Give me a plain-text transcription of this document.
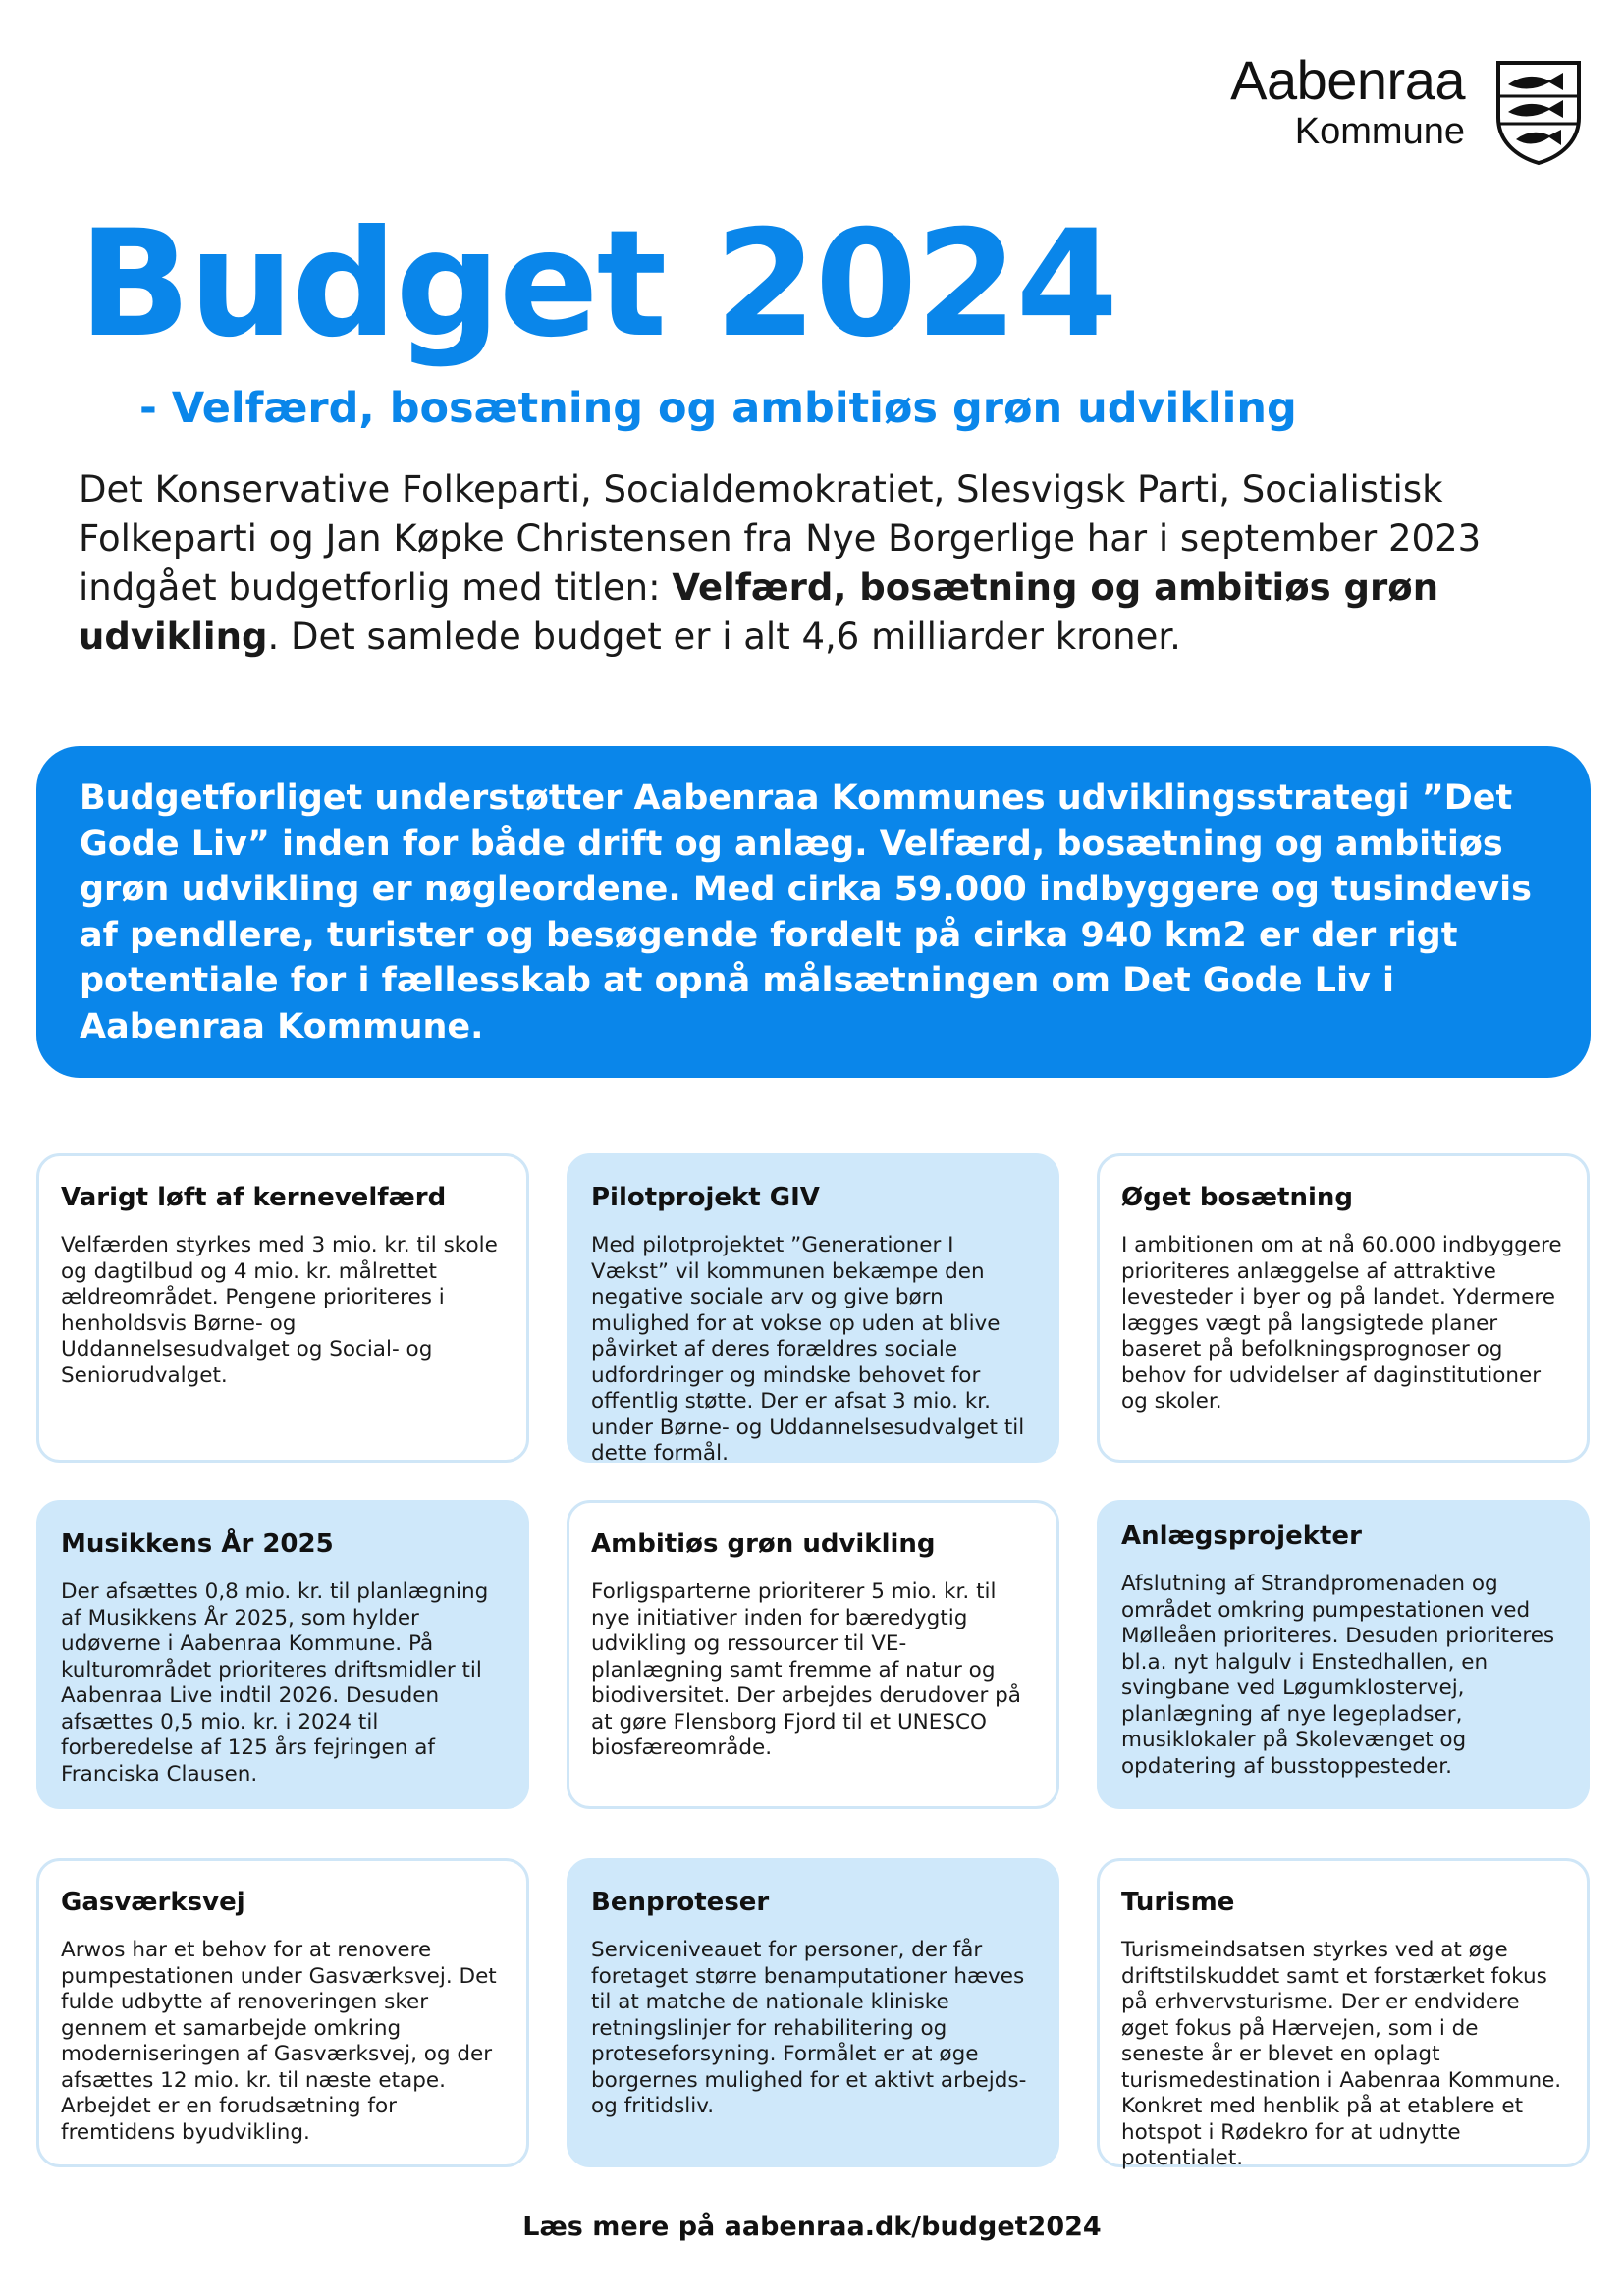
Aabenraa
Kommune
Budget 2024
- Velfærd, bosætning og ambitiøs grøn udvikling

Det Konservative Folkeparti, Socialdemokratiet, Slesvigsk Parti, Socialistisk Folkeparti og Jan Køpke Christensen fra Nye Borgerlige har i september 2023 indgået budgetforlig med titlen: Velfærd, bosætning og ambitiøs grøn udvikling. Det samlede budget er i alt 4,6 milliarder kroner.

Budgetforliget understøtter Aabenraa Kommunes udviklingsstrategi ”Det Gode Liv” inden for både drift og anlæg. Velfærd, bosætning og ambitiøs grøn udvikling er nøgleordene. Med cirka 59.000 indbyggere og tusindevis af pendlere, turister og besøgende fordelt på cirka 940 km2 er der rigt potentiale for i fællesskab at opnå målsætningen om Det Gode Liv i Aabenraa Kommune.

Varigt løft af kernevelfærd

Velfærden styrkes med 3 mio. kr. til skole og dagtilbud og 4 mio. kr. målrettet ældreområdet. Pengene prioriteres i henholdsvis Børne- og Uddannelsesudvalget og Social- og Seniorudvalget.

Pilotprojekt GIV

Med pilotprojektet ”Generationer I Vækst” vil kommunen bekæmpe den negative sociale arv og give børn mulighed for at vokse op uden at blive påvirket af deres forældres sociale udfordringer og mindske behovet for offentlig støtte. Der er afsat 3 mio. kr. under Børne- og Uddannelsesudvalget til dette formål.

Øget bosætning

I ambitionen om at nå 60.000 indbyggere prioriteres anlæggelse af attraktive levesteder i byer og på landet. Ydermere lægges vægt på langsigtede planer baseret på befolkningsprognoser og behov for udvidelser af daginstitutioner og skoler.

Musikkens År 2025

Der afsættes 0,8 mio. kr. til planlægning af Musikkens År 2025, som hylder udøverne i Aabenraa Kommune. På kulturområdet prioriteres driftsmidler til Aabenraa Live indtil 2026. Desuden afsættes 0,5 mio. kr. i 2024 til forberedelse af 125 års fejringen af Franciska Clausen.

Ambitiøs grøn udvikling

Forligsparterne prioriterer 5 mio. kr. til nye initiativer inden for bæredygtig udvikling og ressourcer til VE-planlægning samt fremme af natur og biodiversitet. Der arbejdes derudover på at gøre Flensborg Fjord til et UNESCO biosfæreområde.

Anlægsprojekter

Afslutning af Strandpromenaden og området omkring pumpestationen ved Mølleåen prioriteres. Desuden prioriteres bl.a. nyt halgulv i Enstedhallen, en svingbane ved Løgumklostervej, planlægning af nye legepladser, musiklokaler på Skolevænget og opdatering af busstoppesteder.

Gasværksvej

Arwos har et behov for at renovere pumpestationen under Gasværksvej. Det fulde udbytte af renoveringen sker gennem et samarbejde omkring moderniseringen af Gasværksvej, og der afsættes 12 mio. kr. til næste etape. Arbejdet er en forudsætning for fremtidens byudvikling.

Benproteser

Serviceniveauet for personer, der får foretaget større benamputationer hæves til at matche de nationale kliniske retningslinjer for rehabilitering og proteseforsyning. Formålet er at øge borgernes mulighed for et aktivt arbejds- og fritidsliv.

Turisme

Turismeindsatsen styrkes ved at øge driftstilskuddet samt et forstærket fokus på erhvervsturisme. Der er endvidere øget fokus på Hærvejen, som i de seneste år er blevet en oplagt turismedestination i Aabenraa Kommune. Konkret med henblik på at etablere et hotspot i Rødekro for at udnytte potentialet.

Læs mere på aabenraa.dk/budget2024
